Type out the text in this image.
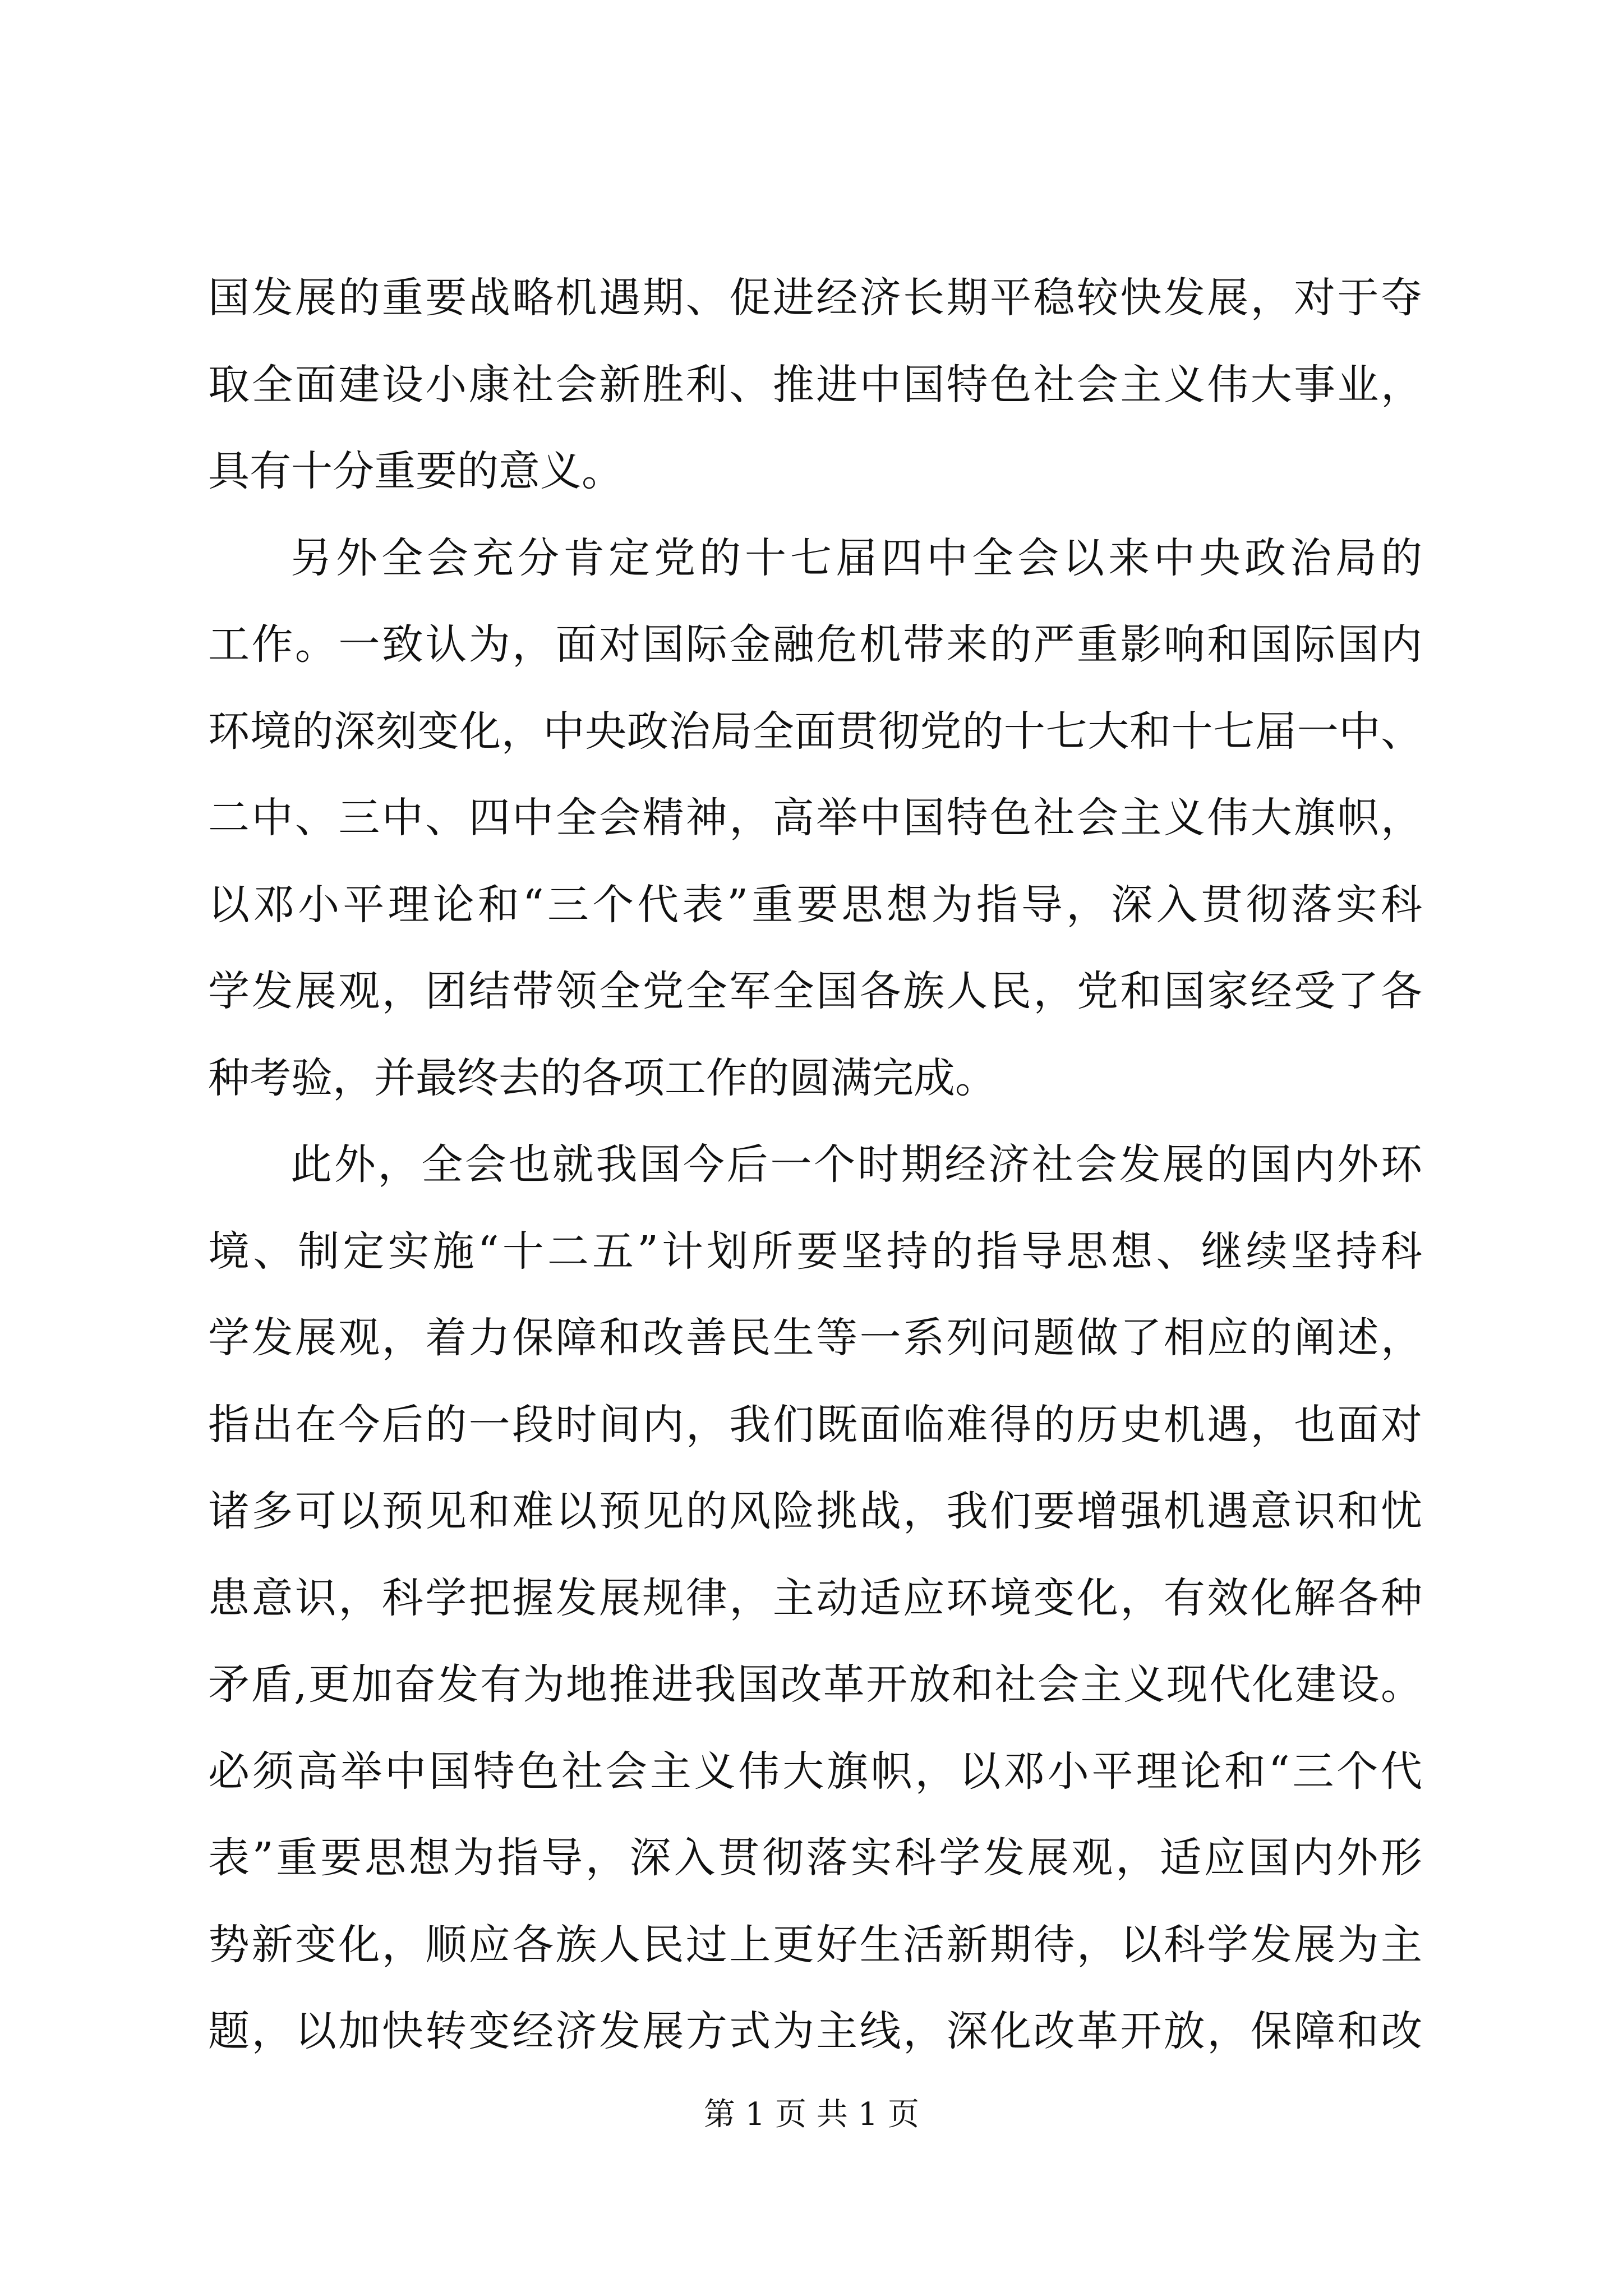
国发展的重要战略机遇期、促进经济长期平稳较快发展，对于夺
取全面建设小康社会新胜利、推进中国特色社会主义伟大事业，
具有十分重要的意义。
另外全会充分肯定党的十七届四中全会以来中央政治局的
工作。一致认为，面对国际金融危机带来的严重影响和国际国内
环境的深刻变化，中央政治局全面贯彻党的十七大和十七届一中、
二中、三中、四中全会精神，高举中国特色社会主义伟大旗帜，
以邓小平理论和“三个代表”重要思想为指导，深入贯彻落实科
学发展观，团结带领全党全军全国各族人民，党和国家经受了各
种考验，并最终去的各项工作的圆满完成。
此外，全会也就我国今后一个时期经济社会发展的国内外环
境、制定实施“十二五”计划所要坚持的指导思想、继续坚持科
学发展观，着力保障和改善民生等一系列问题做了相应的阐述，
指出在今后的一段时间内，我们既面临难得的历史机遇，也面对
诸多可以预见和难以预见的风险挑战，我们要增强机遇意识和忧
患意识，科学把握发展规律，主动适应环境变化，有效化解各种
矛盾,更加奋发有为地推进我国改革开放和社会主义现代化建设。
必须高举中国特色社会主义伟大旗帜，以邓小平理论和“三个代
表”重要思想为指导，深入贯彻落实科学发展观，适应国内外形
势新变化，顺应各族人民过上更好生活新期待，以科学发展为主
题，以加快转变经济发展方式为主线，深化改革开放，保障和改
第 1 页 共 1 页
